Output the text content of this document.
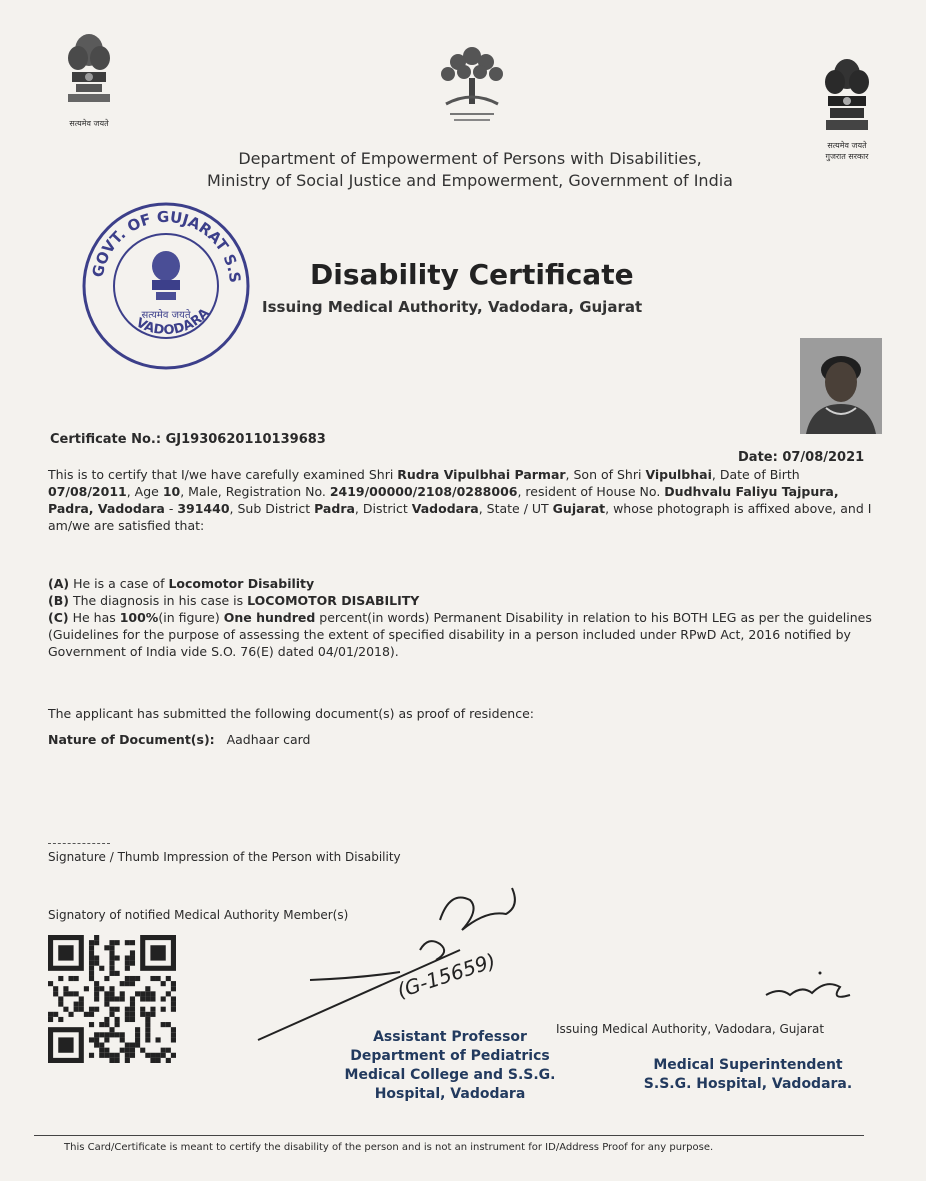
सत्यमेव जयते
सत्यमेव जयते
गुजरात सरकार
Department of Empowerment of Persons with Disabilities,
Ministry of Social Justice and Empowerment, Government of India
GOVT. OF GUJARAT S.S
VADODARA
सत्यमेव जयते
Disability Certificate
Issuing Medical Authority, Vadodara, Gujarat
Certificate No.: GJ1930620110139683
Date: 07/08/2021
This is to certify that I/we have carefully examined Shri Rudra Vipulbhai Parmar, Son of Shri Vipulbhai, Date of Birth 07/08/2011, Age 10, Male, Registration No. 2419/00000/2108/0288006, resident of House No. Dudhvalu Faliyu Tajpura, Padra, Vadodara - 391440, Sub District Padra, District Vadodara, State / UT Gujarat, whose photograph is affixed above, and I am/we are satisfied that:
(A) He is a case of Locomotor Disability
(B) The diagnosis in his case is LOCOMOTOR DISABILITY
(C) He has 100%(in figure) One hundred percent(in words) Permanent Disability in relation to his BOTH LEG as per the guidelines (Guidelines for the purpose of assessing the extent of specified disability in a person included under RPwD Act, 2016 notified by Government of India vide S.O. 76(E) dated 04/01/2018).
The applicant has submitted the following document(s) as proof of residence:
Nature of Document(s): Aadhaar card
Signature / Thumb Impression of the Person with Disability
Signatory of notified Medical Authority Member(s)
(G-15659)
Assistant Professor
Department of Pediatrics
Medical College and S.S.G.
Hospital, Vadodara
Issuing Medical Authority, Vadodara, Gujarat
Medical Superintendent
S.S.G. Hospital, Vadodara.
This Card/Certificate is meant to certify the disability of the person and is not an instrument for ID/Address Proof for any purpose.
